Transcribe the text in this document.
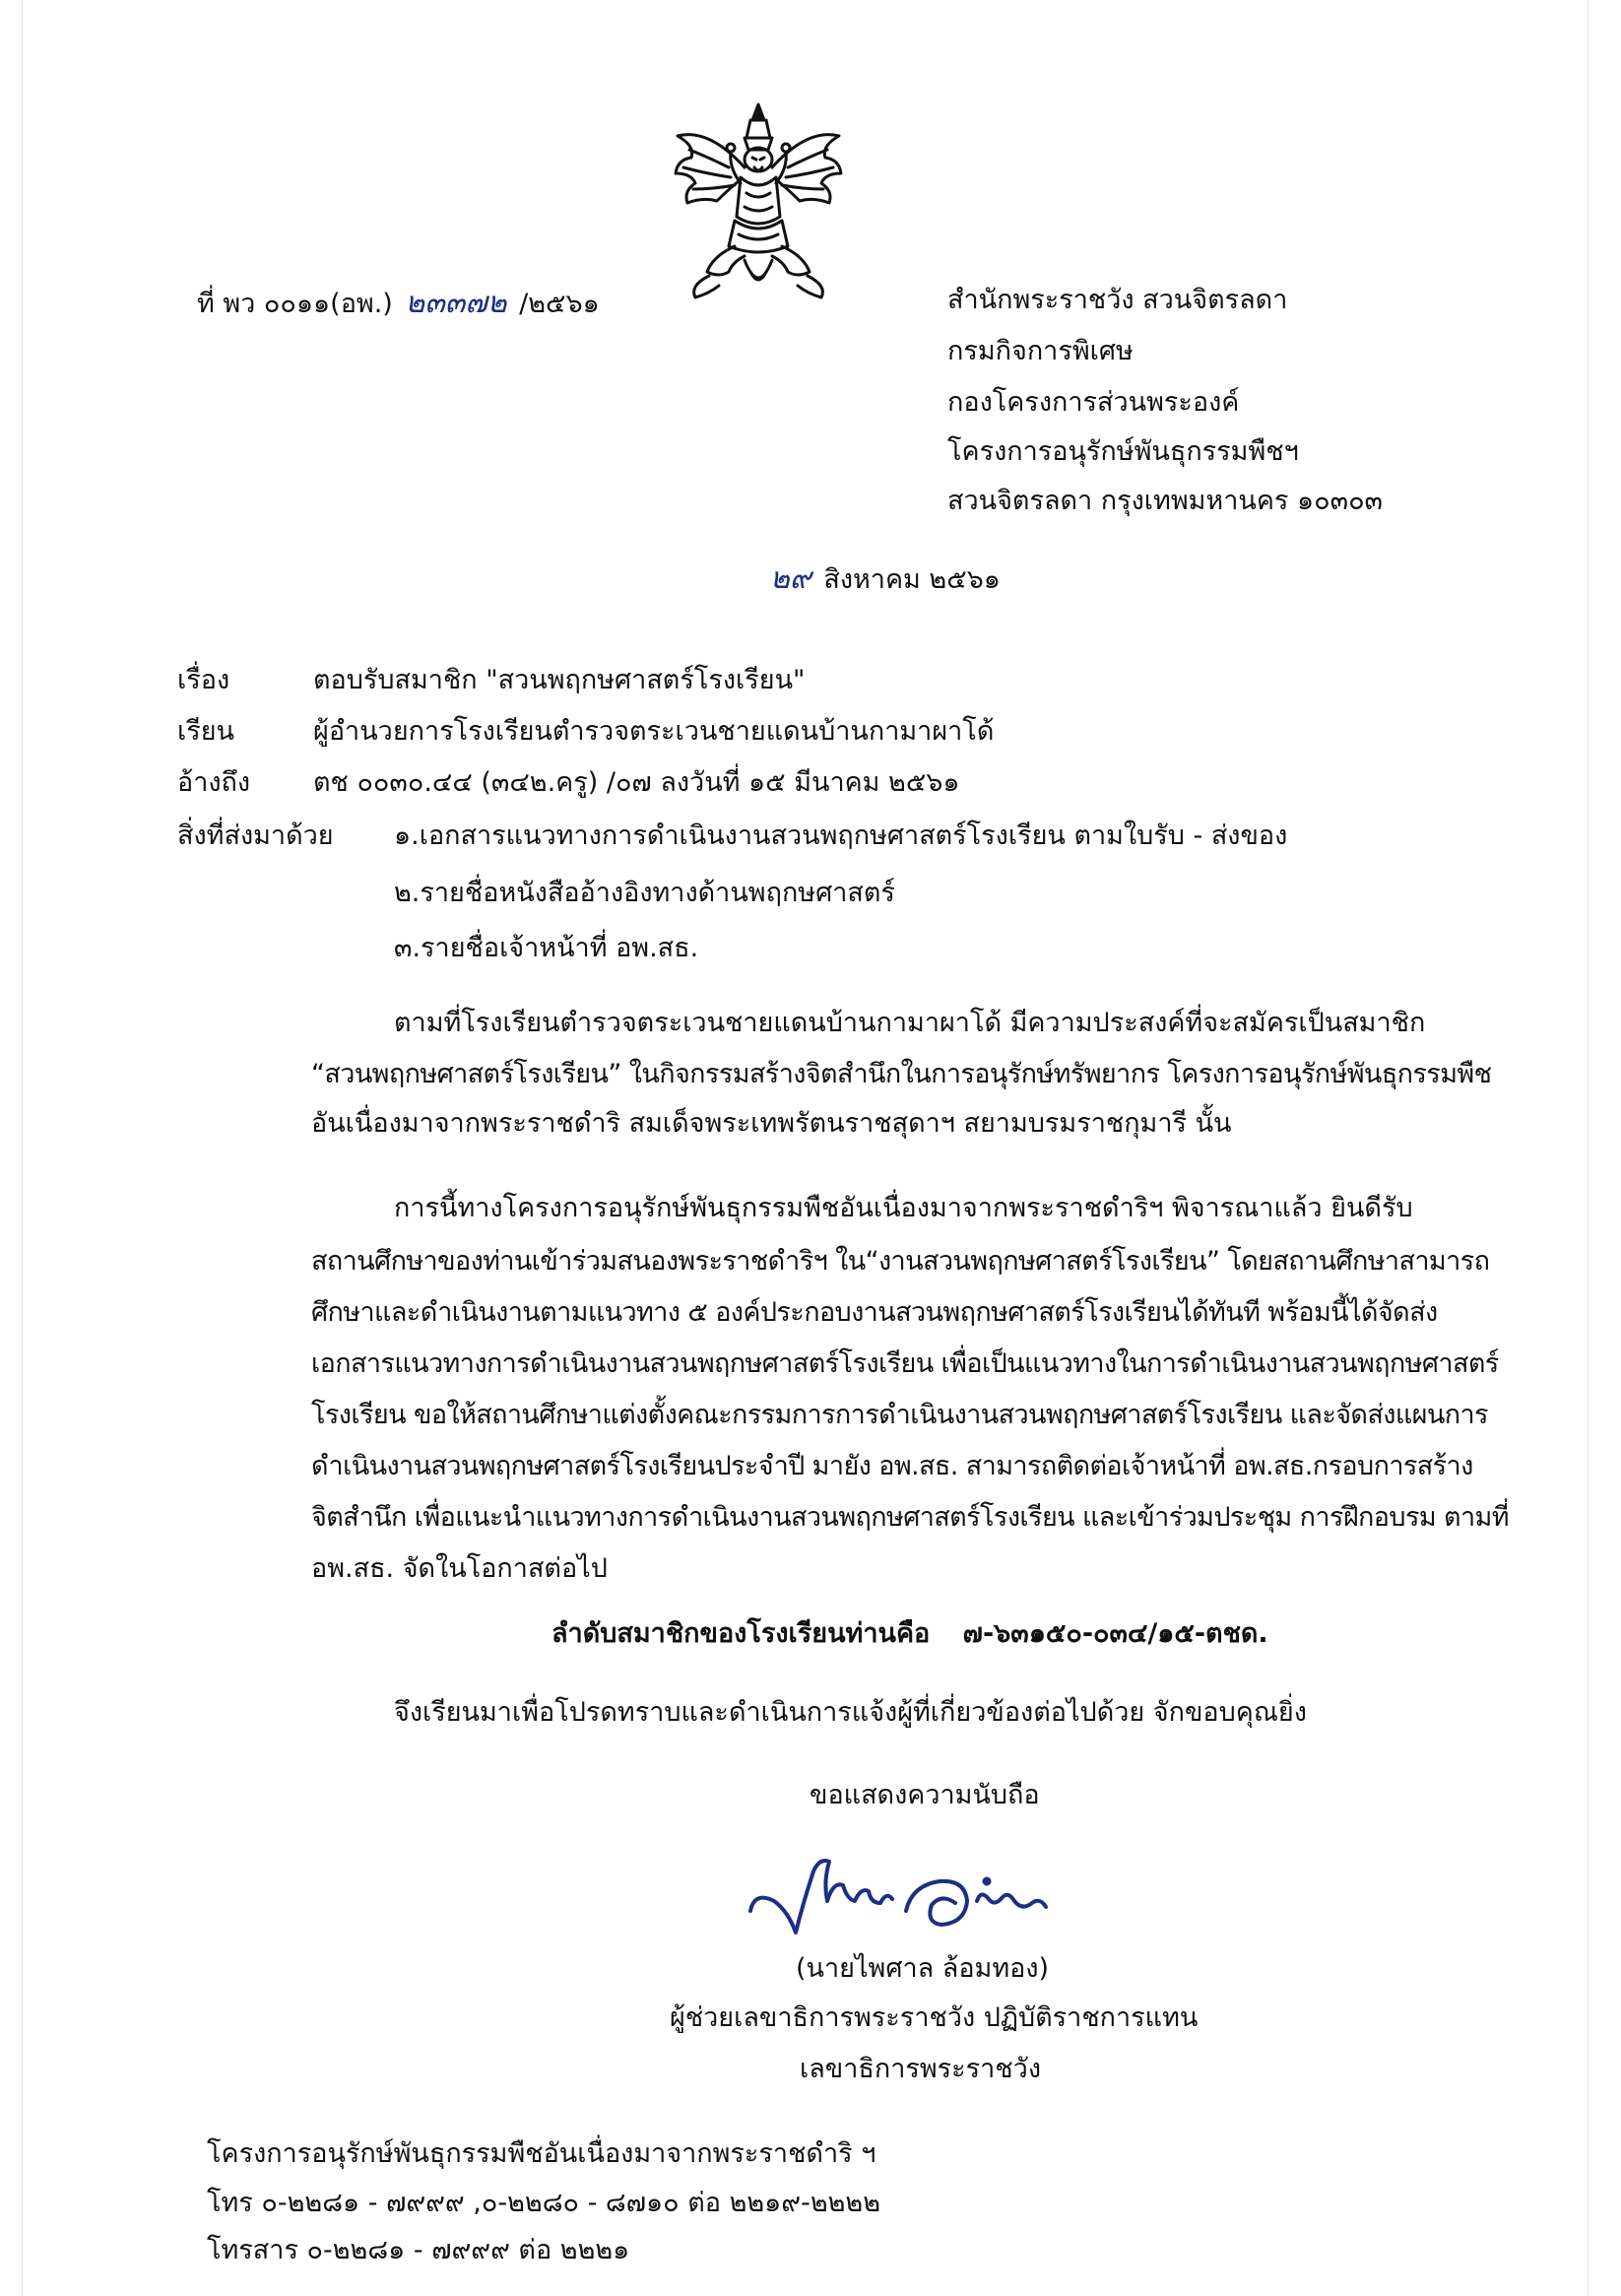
ที่ พว ๐๐๑๑(อพ.) ๒๓๓๗๒ /๒๕๖๑	สำนักพระราชวัง สวนจิตรลดา
กรมกิจการพิเศษ
กองโครงการส่วนพระองค์
โครงการอนุรักษ์พันธุกรรมพืชฯ
สวนจิตรลดา กรุงเทพมหานคร ๑๐๓๐๓
๒๙ สิงหาคม ๒๕๖๑
เรื่อง	ตอบรับสมาชิก "สวนพฤกษศาสตร์โรงเรียน"
เรียน	ผู้อำนวยการโรงเรียนตำรวจตระเวนชายแดนบ้านกามาผาโด้
อ้างถึง ตช ๐๐๓๐.๔๔ (๓๔๒.ครู) /๐๗ ลงวันที่ ๑๕ มีนาคม ๒๕๖๑
สิ่งที่ส่งมาด้วย ๑.เอกสารแนวทางการดำเนินงานสวนพฤกษศาสตร์โรงเรียน ตามใบรับ - ส่งของ
๒.รายชื่อหนังสืออ้างอิงทางด้านพฤกษศาสตร์
๓.รายชื่อเจ้าหน้าที่ อพ.สธ.
ตามที่โรงเรียนตำรวจตระเวนชายแดนบ้านกามาผาโด้ มีความประสงค์ที่จะสมัครเป็นสมาชิก
“สวนพฤกษศาสตร์โรงเรียน” ในกิจกรรมสร้างจิตสำนึกในการอนุรักษ์ทรัพยากร โครงการอนุรักษ์พันธุกรรมพืช
อันเนื่องมาจากพระราชดำริ สมเด็จพระเทพรัตนราชสุดาฯ สยามบรมราชกุมารี นั้น
การนี้ทางโครงการอนุรักษ์พันธุกรรมพืชอันเนื่องมาจากพระราชดำริฯ พิจารณาแล้ว ยินดีรับ
สถานศึกษาของท่านเข้าร่วมสนองพระราชดำริฯ ใน“งานสวนพฤกษศาสตร์โรงเรียน” โดยสถานศึกษาสามารถ
ศึกษาและดำเนินงานตามแนวทาง ๕ องค์ประกอบงานสวนพฤกษศาสตร์โรงเรียนได้ทันที พร้อมนี้ได้จัดส่ง
เอกสารแนวทางการดำเนินงานสวนพฤกษศาสตร์โรงเรียน เพื่อเป็นแนวทางในการดำเนินงานสวนพฤกษศาสตร์
โรงเรียน ขอให้สถานศึกษาแต่งตั้งคณะกรรมการการดำเนินงานสวนพฤกษศาสตร์โรงเรียน และจัดส่งแผนการ
ดำเนินงานสวนพฤกษศาสตร์โรงเรียนประจำปี มายัง อพ.สธ. สามารถติดต่อเจ้าหน้าที่ อพ.สธ.กรอบการสร้าง
จิตสำนึก เพื่อแนะนำแนวทางการดำเนินงานสวนพฤกษศาสตร์โรงเรียน และเข้าร่วมประชุม การฝึกอบรม ตามที่
อพ.สธ. จัดในโอกาสต่อไป
ลำดับสมาชิกของโรงเรียนท่านคือ ๗-๖๓๑๕๐-๐๓๔/๑๕-ตชด.
จึงเรียนมาเพื่อโปรดทราบและดำเนินการแจ้งผู้ที่เกี่ยวข้องต่อไปด้วย จักขอบคุณยิ่ง
ขอแสดงความนับถือ
(นายไพศาล ล้อมทอง)
ผู้ช่วยเลขาธิการพระราชวัง ปฏิบัติราชการแทน
เลขาธิการพระราชวัง
โครงการอนุรักษ์พันธุกรรมพืชอันเนื่องมาจากพระราชดำริ ฯ
โทร ๐-๒๒๘๑ - ๗๙๙๙ ,๐-๒๒๘๐ - ๘๗๑๐ ต่อ ๒๒๑๙-๒๒๒๒
โทรสาร ๐-๒๒๘๑ - ๗๙๙๙ ต่อ ๒๒๒๑
